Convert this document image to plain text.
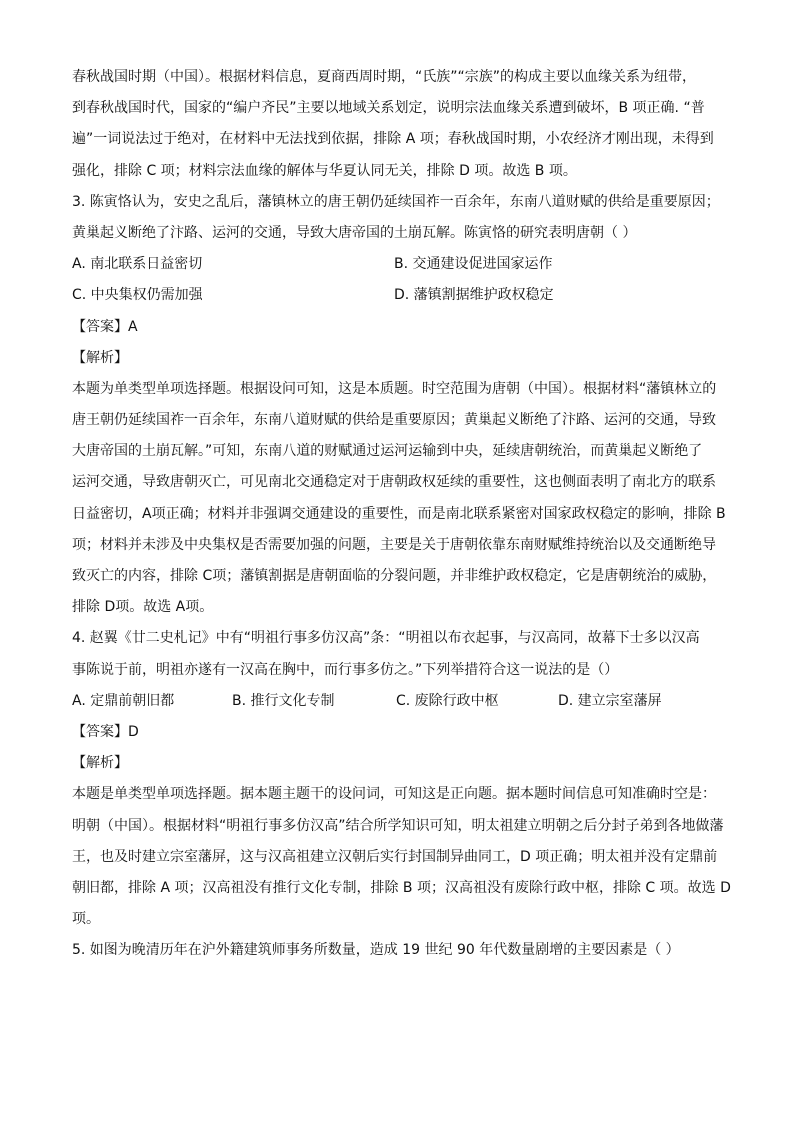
春秋战国时期（中国）。根据材料信息，夏商西周时期，“氏族”“宗族”的构成主要以血缘关系为纽带，
到春秋战国时代，国家的“编户齐民”主要以地域关系划定，说明宗法血缘关系遭到破坏，B 项正确. “普
遍”一词说法过于绝对，在材料中无法找到依据，排除 A 项；春秋战国时期，小农经济才刚出现，未得到
强化，排除 C 项；材料宗法血缘的解体与华夏认同无关，排除 D 项。故选 B 项。
3. 陈寅恪认为，安史之乱后，藩镇林立的唐王朝仍延续国祚一百余年，东南八道财赋的供给是重要原因；
黄巢起义断绝了汴路、运河的交通，导致大唐帝国的土崩瓦解。陈寅恪的研究表明唐朝（ ）
A. 南北联系日益密切	B. 交通建设促进国家运作
C. 中央集权仍需加强	D. 藩镇割据维护政权稳定
【答案】A
【解析】
本题为单类型单项选择题。根据设问可知，这是本质题。时空范围为唐朝（中国）。根据材料“藩镇林立的
唐王朝仍延续国祚一百余年，东南八道财赋的供给是重要原因；黄巢起义断绝了汴路、运河的交通，导致
大唐帝国的土崩瓦解。”可知，东南八道的财赋通过运河运输到中央，延续唐朝统治，而黄巢起义断绝了
运河交通，导致唐朝灭亡，可见南北交通稳定对于唐朝政权延续的重要性，这也侧面表明了南北方的联系
日益密切，A项正确；材料并非强调交通建设的重要性，而是南北联系紧密对国家政权稳定的影响，排除 B
项；材料并未涉及中央集权是否需要加强的问题，主要是关于唐朝依靠东南财赋维持统治以及交通断绝导
致灭亡的内容，排除 C项；藩镇割据是唐朝面临的分裂问题，并非维护政权稳定，它是唐朝统治的威胁，
排除 D项。故选 A项。
4. 赵翼《廿二史札记》中有“明祖行事多仿汉高”条：“明祖以布衣起事，与汉高同，故幕下士多以汉高
事陈说于前，明祖亦遂有一汉高在胸中，而行事多仿之。”下列举措符合这一说法的是（）
A. 定鼎前朝旧都	B. 推行文化专制	C. 废除行政中枢	D. 建立宗室藩屏
【答案】D
【解析】
本题是单类型单项选择题。据本题主题干的设问词，可知这是正向题。据本题时间信息可知准确时空是：
明朝（中国）。根据材料“明祖行事多仿汉高”结合所学知识可知，明太祖建立明朝之后分封子弟到各地做藩
王，也及时建立宗室藩屏，这与汉高祖建立汉朝后实行封国制异曲同工，D 项正确；明太祖并没有定鼎前
朝旧都，排除 A 项；汉高祖没有推行文化专制，排除 B 项；汉高祖没有废除行政中枢，排除 C 项。故选 D
项。
5. 如图为晚清历年在沪外籍建筑师事务所数量，造成 19 世纪 90 年代数量剧增的主要因素是（ ）
